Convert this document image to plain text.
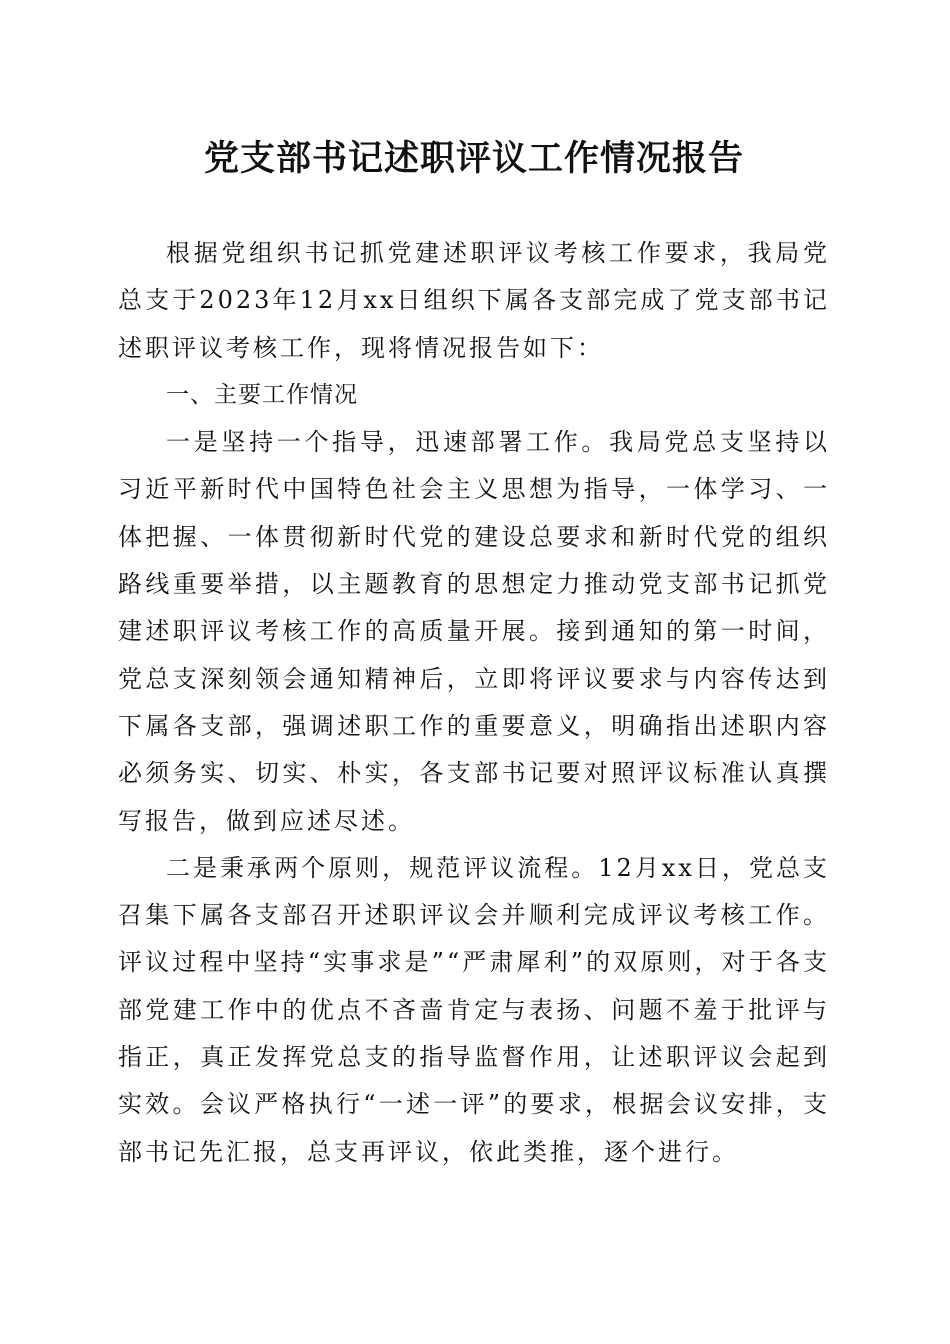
党支部书记述职评议工作情况报告

根据党组织书记抓党建述职评议考核工作要求，我局党总支于2023年12月xx日组织下属各支部完成了党支部书记述职评议考核工作，现将情况报告如下：

一、主要工作情况

一是坚持一个指导，迅速部署工作。我局党总支坚持以习近平新时代中国特色社会主义思想为指导，一体学习、一体把握、一体贯彻新时代党的建设总要求和新时代党的组织路线重要举措，以主题教育的思想定力推动党支部书记抓党建述职评议考核工作的高质量开展。接到通知的第一时间，党总支深刻领会通知精神后，立即将评议要求与内容传达到下属各支部，强调述职工作的重要意义，明确指出述职内容必须务实、切实、朴实，各支部书记要对照评议标准认真撰写报告，做到应述尽述。

二是秉承两个原则，规范评议流程。12月xx日，党总支召集下属各支部召开述职评议会并顺利完成评议考核工作。评议过程中坚持“实事求是”“严肃犀利”的双原则，对于各支部党建工作中的优点不吝啬肯定与表扬、问题不羞于批评与指正，真正发挥党总支的指导监督作用，让述职评议会起到实效。会议严格执行“一述一评”的要求，根据会议安排，支部书记先汇报，总支再评议，依此类推，逐个进行。
